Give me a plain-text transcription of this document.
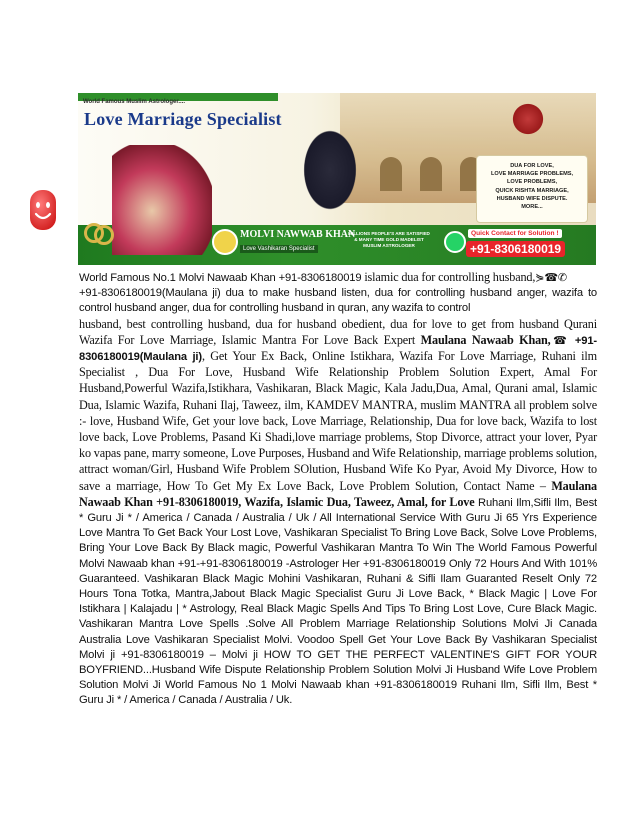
World Famous Muslim Astrologer....
Love Marriage Specialist
DUA FOR LOVE,
LOVE MARRIAGE PROBLEMS,
LOVE PROBLEMS,
QUICK RISHTA MARRIAGE,
HUSBAND WIFE DISPUTE.
MORE...
MOLVI NAWWAB KHAN
Love Vashikaran Specialist
MILLIONS PEOPLE'S ARE SATISFIED & MANY TIME GOLD MADELIST MUSLIM ASTROLOGER
Quick Contact for Solution !
+91-8306180019

World Famous No.1 Molvi Nawaab Khan +91-8306180019 islamic dua for controlling husband,⋟☎✆
+91-8306180019(Maulana ji) dua to make husband listen, dua for controlling husband anger, wazifa to control husband anger, dua for controlling husband in quran, any wazifa to control
husband, best controlling husband, dua for husband obedient, dua for love to get from husband Qurani Wazifa For Love Marriage, Islamic Mantra For Love Back Expert Maulana Nawaab Khan,☎ +91-8306180019(Maulana ji), Get Your Ex Back, Online Istikhara, Wazifa For Love Marriage, Ruhani ilm Specialist , Dua For Love, Husband Wife Relationship Problem Solution Expert, Amal For Husband,Powerful Wazifa,Istikhara, Vashikaran, Black Magic, Kala Jadu,Dua, Amal, Qurani amal, Islamic Dua, Islamic Wazifa, Ruhani Ilaj, Taweez, ilm, KAMDEV MANTRA, muslim MANTRA all problem solve :- love, Husband Wife, Get your love back, Love Marriage, Relationship, Dua for love back, Wazifa to lost love back, Love Problems, Pasand Ki Shadi,love marriage problems, Stop Divorce, attract your lover, Pyar ko vapas pane, marry someone, Love Purposes, Husband and Wife Relationship, marriage problems solution, attract woman/Girl, Husband Wife Problem SOlution, Husband Wife Ko Pyar, Avoid My Divorce, How to save a marriage, How To Get My Ex Love Back, Love Problem Solution, Contact Name – Maulana Nawaab Khan +91-8306180019, Wazifa, Islamic Dua, Taweez, Amal, for Love Ruhani Ilm,Sifli Ilm, Best * Guru Ji * / America / Canada / Australia / Uk / All International Service With Guru Ji 65 Yrs Experience Love Mantra To Get Back Your Lost Love, Vashikaran Specialist To Bring Love Back, Solve Love Problems, Bring Your Love Back By Black magic, Powerful Vashikaran Mantra To Win The World Famous Powerful Molvi Nawaab khan +91-+91-8306180019 -Astrologer Her +91-8306180019 Only 72 Hours And With 101% Guaranteed. Vashikaran Black Magic Mohini Vashikaran, Ruhani & Sifli Ilam Guaranted Reselt Only 72 Hours Tona Totka, Mantra,Jabout Black Magic Specialist Guru Ji Love Back, * Black Magic | Love For Istikhara | Kalajadu | * Astrology, Real Black Magic Spells And Tips To Bring Lost Love, Cure Black Magic. Vashikaran Mantra Love Spells .Solve All Problem Marriage Relationship Solutions Molvi Ji Canada Australia Love Vashikaran Specialist Molvi. Voodoo Spell Get Your Love Back By Vashikaran Specialist Molvi ji +91-8306180019 – Molvi ji HOW TO GET THE PERFECT VALENTINE'S GIFT FOR YOUR BOYFRIEND...Husband Wife Dispute Relationship Problem Solution Molvi Ji Husband Wife Love Problem Solution Molvi Ji World Famous No 1 Molvi Nawaab khan +91-8306180019 Ruhani Ilm, Sifli Ilm, Best * Guru Ji * / America / Canada / Australia / Uk.
